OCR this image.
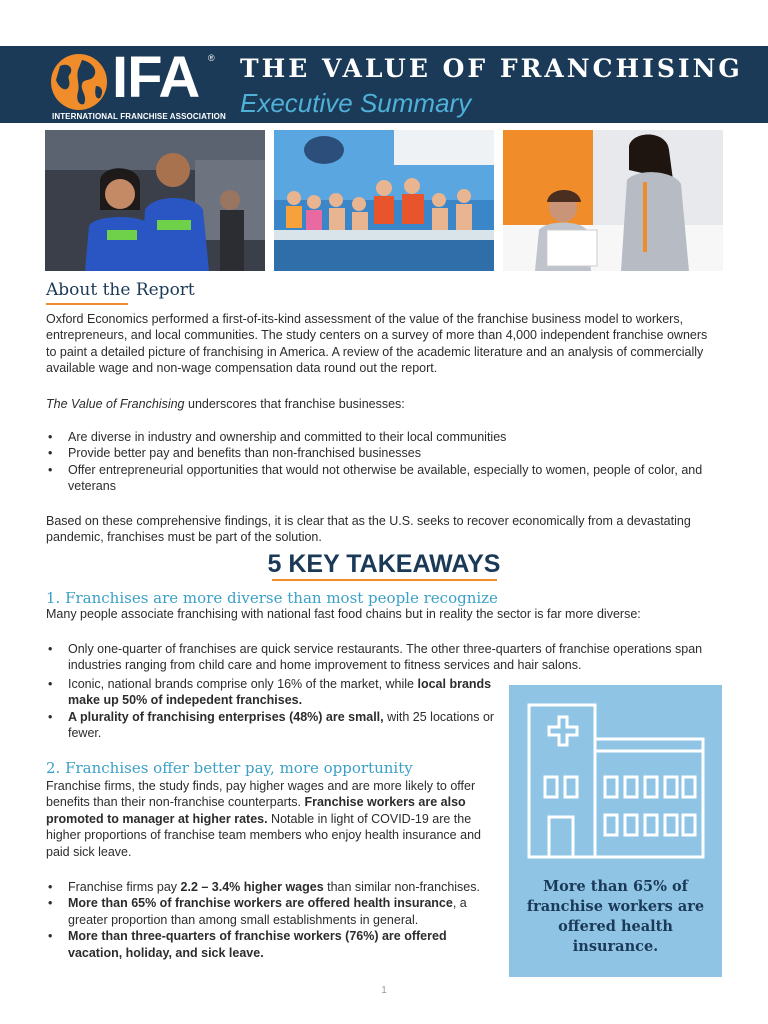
IFA ®
INTERNATIONAL FRANCHISE ASSOCIATION
THE VALUE OF FRANCHISING
Executive Summary
About the Report

Oxford Economics performed a first-of-its-kind assessment of the value of the franchise business model to workers, entrepreneurs, and local communities. The study centers on a survey of more than 4,000 independent franchise owners to paint a detailed picture of franchising in America. A review of the academic literature and an analysis of commercially available wage and non-wage compensation data round out the report.

The Value of Franchising underscores that franchise businesses:

• Are diverse in industry and ownership and committed to their local communities
• Provide better pay and benefits than non-franchised businesses
• Offer entrepreneurial opportunities that would not otherwise be available, especially to women, people of color, and veterans

Based on these comprehensive findings, it is clear that as the U.S. seeks to recover economically from a devastating pandemic, franchises must be part of the solution.

5 KEY TAKEAWAYS
1. Franchises are more diverse than most people recognize

Many people associate franchising with national fast food chains but in reality the sector is far more diverse:

• Only one-quarter of franchises are quick service restaurants. The other three-quarters of franchise operations span industries ranging from child care and home improvement to fitness services and hair salons.
• Iconic, national brands comprise only 16% of the market, while local brands make up 50% of indepedent franchises.
• A plurality of franchising enterprises (48%) are small, with 25 locations or fewer.
2. Franchises offer better pay, more opportunity

Franchise firms, the study finds, pay higher wages and are more likely to offer benefits than their non-franchise counterparts. Franchise workers are also promoted to manager at higher rates. Notable in light of COVID-19 are the higher proportions of franchise team members who enjoy health insurance and paid sick leave.

• Franchise firms pay 2.2 – 3.4% higher wages than similar non-franchises.
• More than 65% of franchise workers are offered health insurance, a greater proportion than among small establishments in general.
• More than three-quarters of franchise workers (76%) are offered vacation, holiday, and sick leave.
More than 65% of franchise workers are offered health insurance.
1
